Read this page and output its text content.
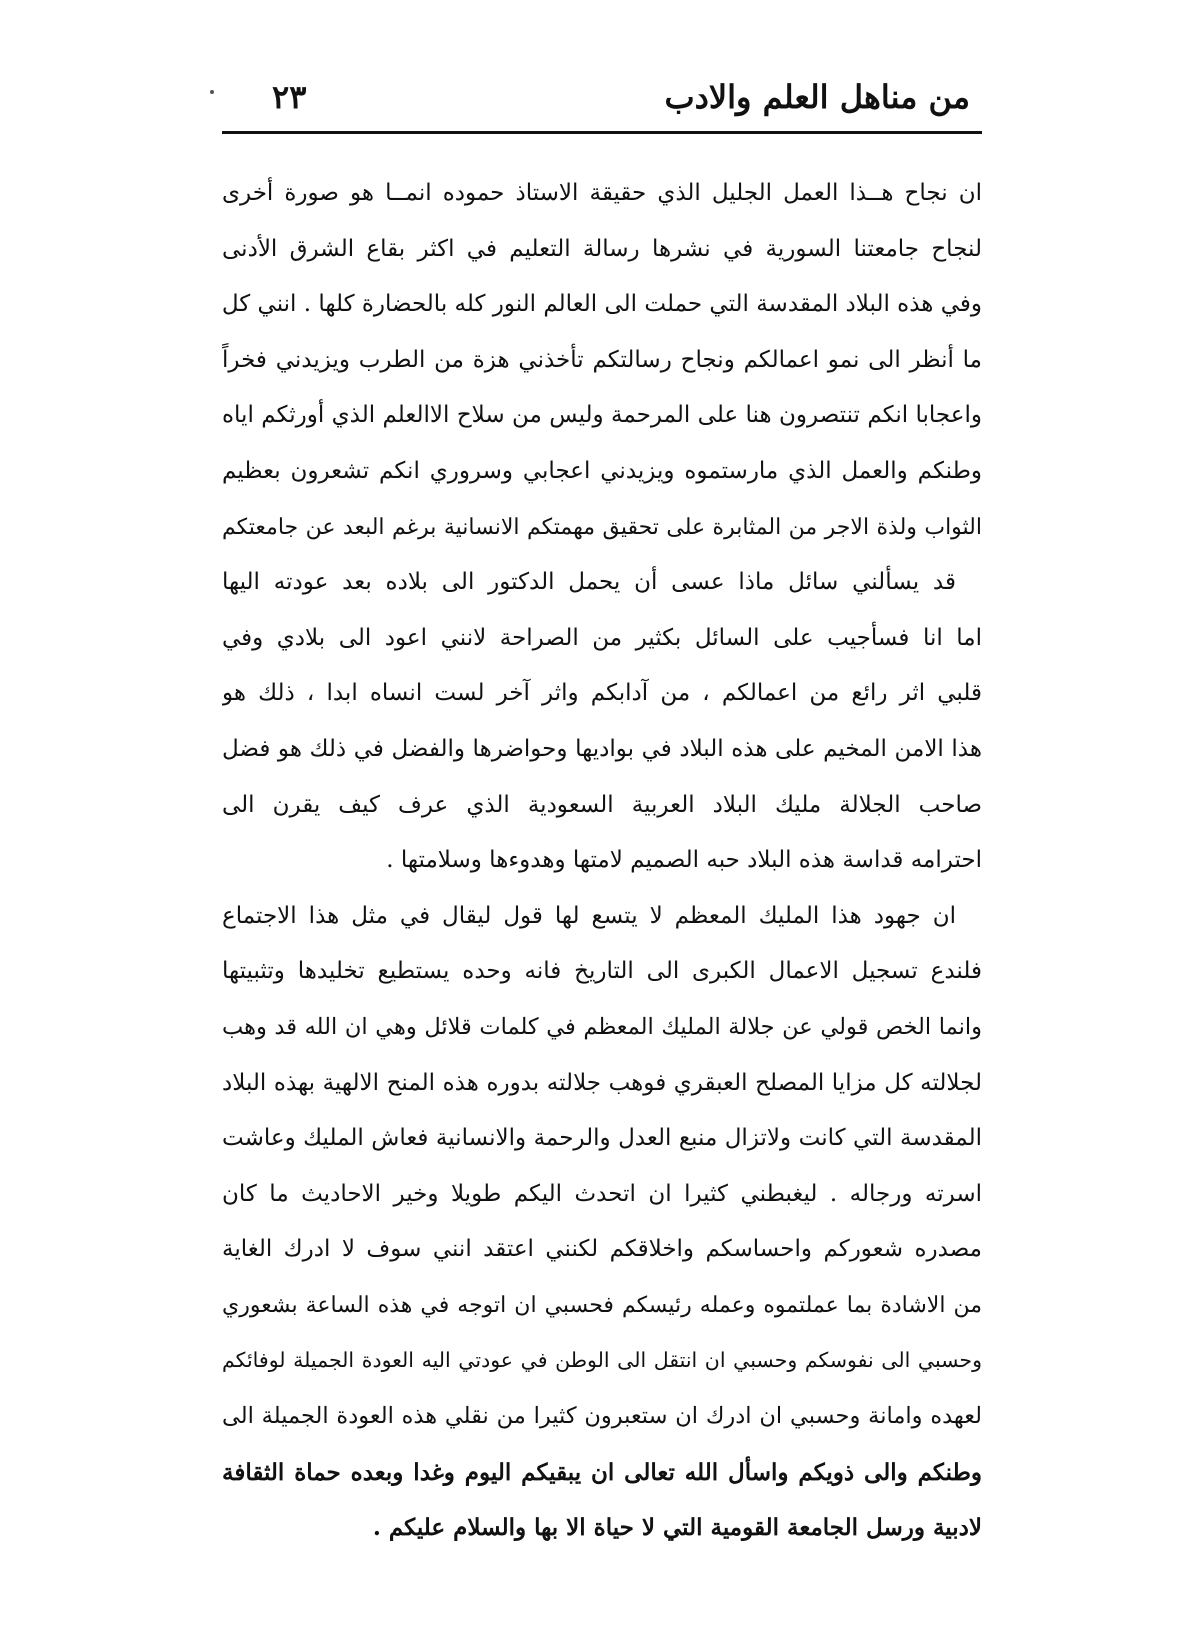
من مناهل العلم والادب
٢٣
ان نجاح هــذا العمل الجليل الذي حقيقة الاستاذ حموده انمــا هو صورة أخرى
لنجاح جامعتنا السورية في نشرها رسالة التعليم في اكثر بقاع الشرق الأدنى
وفي هذه البلاد المقدسة التي حملت الى العالم النور كله بالحضارة كلها . انني كل
ما أنظر الى نمو اعمالكم ونجاح رسالتكم تأخذني هزة من الطرب ويزيدني فخراً
واعجابا انكم تنتصرون هنا على المرحمة وليس من سلاح الاالعلم الذي أورثكم اياه
وطنكم والعمل الذي مارستموه ويزيدني اعجابي وسروري انكم تشعرون بعظيم
الثواب ولذة الاجر من المثابرة على تحقيق مهمتكم الانسانية برغم البعد عن جامعتكم
قد يسألني سائل ماذا عسى أن يحمل الدكتور الى بلاده بعد عودته اليها
اما انا فسأجيب على السائل بكثير من الصراحة لانني اعود الى بلادي وفي
قلبي اثر رائع من اعمالكم ، من آدابكم واثر آخر لست انساه ابدا ، ذلك هو
هذا الامن المخيم على هذه البلاد في بواديها وحواضرها والفضل في ذلك هو فضل
صاحب الجلالة مليك البلاد العربية السعودية الذي عرف كيف يقرن الى
احترامه قداسة هذه البلاد حبه الصميم لامتها وهدوءها وسلامتها .
ان جهود هذا المليك المعظم لا يتسع لها قول ليقال في مثل هذا الاجتماع
فلندع تسجيل الاعمال الكبرى الى التاريخ فانه وحده يستطيع تخليدها وتثبيتها
وانما الخص قولي عن جلالة المليك المعظم في كلمات قلائل وهي ان الله قد وهب
لجلالته كل مزايا المصلح العبقري فوهب جلالته بدوره هذه المنح الالهية بهذه البلاد
المقدسة التي كانت ولاتزال منبع العدل والرحمة والانسانية فعاش المليك وعاشت
اسرته ورجاله . ليغبطني كثيرا ان اتحدث اليكم طويلا وخير الاحاديث ما كان
مصدره شعوركم واحساسكم واخلاقكم لكنني اعتقد انني سوف لا ادرك الغاية
من الاشادة بما عملتموه وعمله رئيسكم فحسبي ان اتوجه في هذه الساعة بشعوري
وحسبي الى نفوسكم وحسبي ان انتقل الى الوطن في عودتي اليه العودة الجميلة لوفائكم
لعهده وامانة وحسبي ان ادرك ان ستعبرون كثيرا من نقلي هذه العودة الجميلة الى
وطنكم والى ذويكم واسأل الله تعالى ان يبقيكم اليوم وغدا وبعده حماة الثقافة
لادبية ورسل الجامعة القومية التي لا حياة الا بها والسلام عليكم .
